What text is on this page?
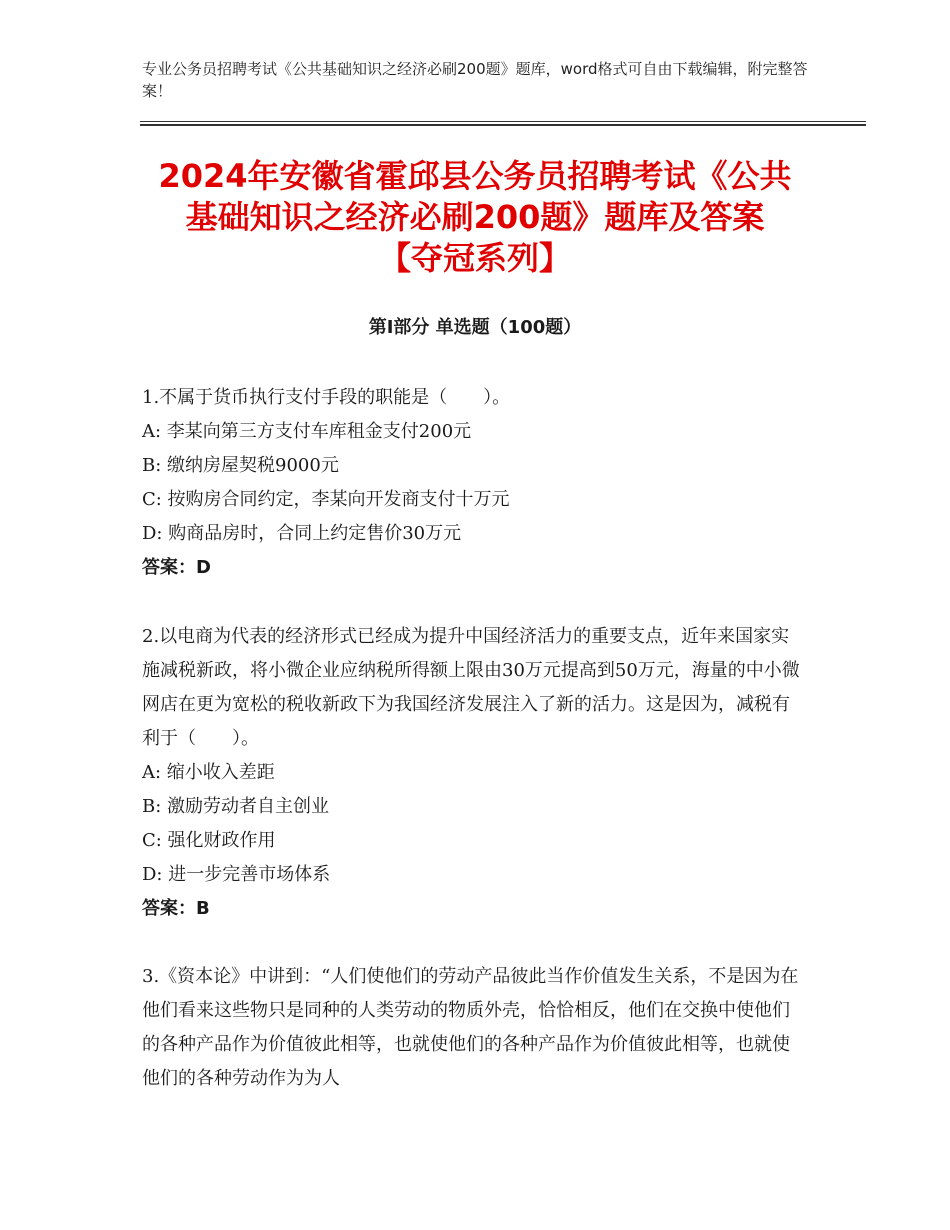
专业公务员招聘考试《公共基础知识之经济必刷200题》题库，word格式可自由下载编辑，附完整答案！
2024年安徽省霍邱县公务员招聘考试《公共
基础知识之经济必刷200题》题库及答案
【夺冠系列】
第Ⅰ部分 单选题（100题）

1.不属于货币执行支付手段的职能是（　　）。

A: 李某向第三方支付车库租金支付200元

B: 缴纳房屋契税9000元

C: 按购房合同约定，李某向开发商支付十万元

D: 购商品房时，合同上约定售价30万元

答案：D

2.以电商为代表的经济形式已经成为提升中国经济活力的重要支点，近年来国家实施减税新政，将小微企业应纳税所得额上限由30万元提高到50万元，海量的中小微网店在更为宽松的税收新政下为我国经济发展注入了新的活力。这是因为，减税有利于（　　）。

A: 缩小收入差距

B: 激励劳动者自主创业

C: 强化财政作用

D: 进一步完善市场体系

答案：B

3.《资本论》中讲到：“人们使他们的劳动产品彼此当作价值发生关系，不是因为在他们看来这些物只是同种的人类劳动的物质外壳，恰恰相反，他们在交换中使他们的各种产品作为价值彼此相等，也就使他们的各种产品作为价值彼此相等，也就使他们的各种劳动作为为人
